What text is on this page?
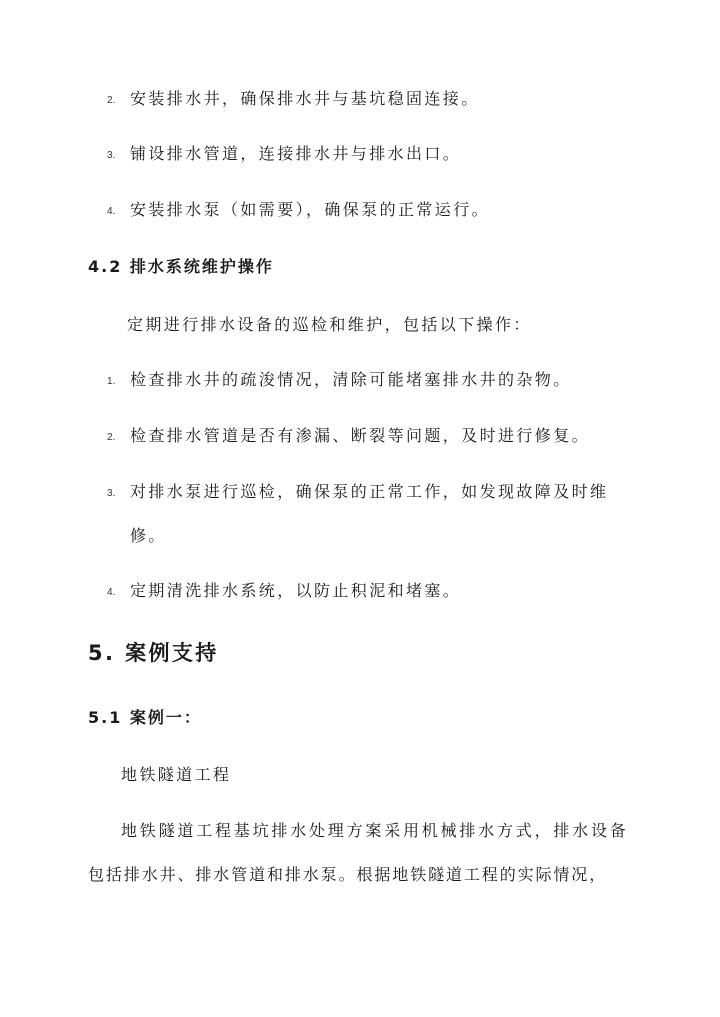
2. 安装排水井，确保排水井与基坑稳固连接。
3. 铺设排水管道，连接排水井与排水出口。
4. 安装排水泵（如需要），确保泵的正常运行。
4.2 排水系统维护操作
定期进行排水设备的巡检和维护，包括以下操作：
1. 检查排水井的疏浚情况，清除可能堵塞排水井的杂物。
2. 检查排水管道是否有渗漏、断裂等问题，及时进行修复。
3. 对排水泵进行巡检，确保泵的正常工作，如发现故障及时维
修。
4. 定期清洗排水系统，以防止积泥和堵塞。
5. 案例支持
5.1 案例一：
地铁隧道工程
地铁隧道工程基坑排水处理方案采用机械排水方式，排水设备
包括排水井、排水管道和排水泵。根据地铁隧道工程的实际情况，
